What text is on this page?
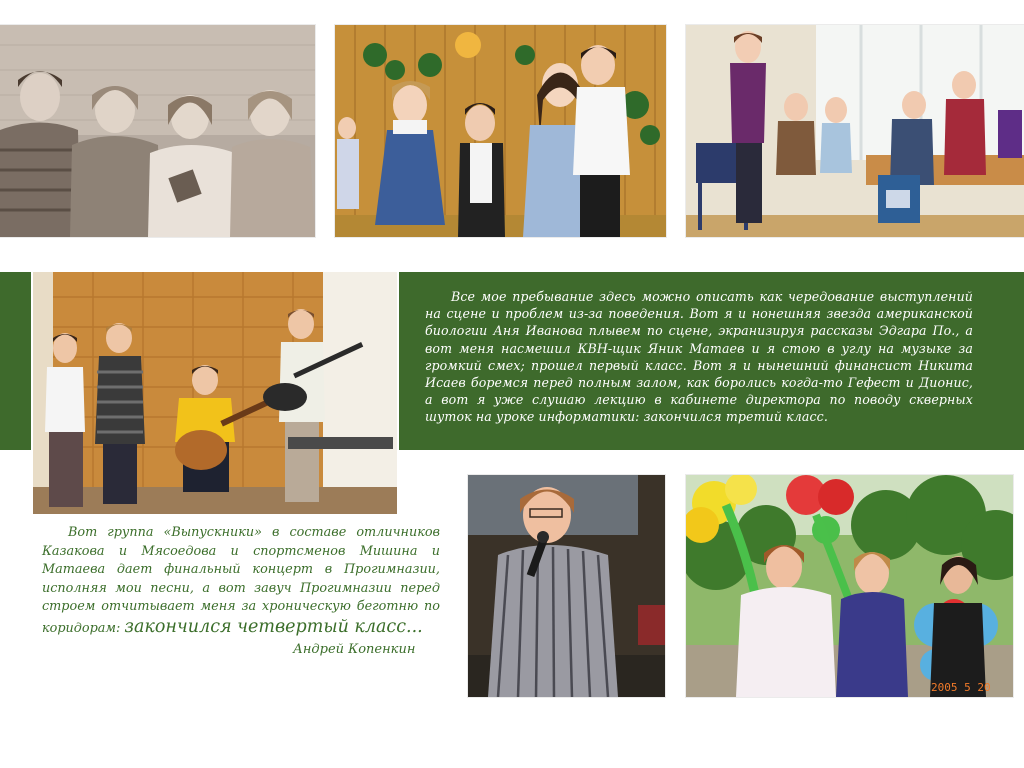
Все мое пребывание здесь можно описать как чередование выступлений на сцене и проблем из-за поведения. Вот я и нонешняя звезда американской биологии Аня Иванова плывем по сцене, экранизируя рассказы Эдгара По., а вот меня насмешил КВН-щик Яник Матаев и я стою в углу на музыке за громкий смех; прошел первый класс. Вот я и нынешний финансист Никита Исаев боремся перед полным залом, как боролись когда-то Гефест и Дионис, а вот я уже слушаю лекцию в кабинете директора по поводу скверных шуток на уроке информатики: закончился третий класс.

2005 5 20

Вот группа «Выпускники» в составе отличников Казакова и Мясоедова и спортсменов Мишина и Матаева дает финальный концерт в Прогимназии, исполняя мои песни, а вот завуч Прогимназии перед строем отчитывает меня за хроническую беготню по коридорам: закончился четвертый класс...

Андрей Копенкин
